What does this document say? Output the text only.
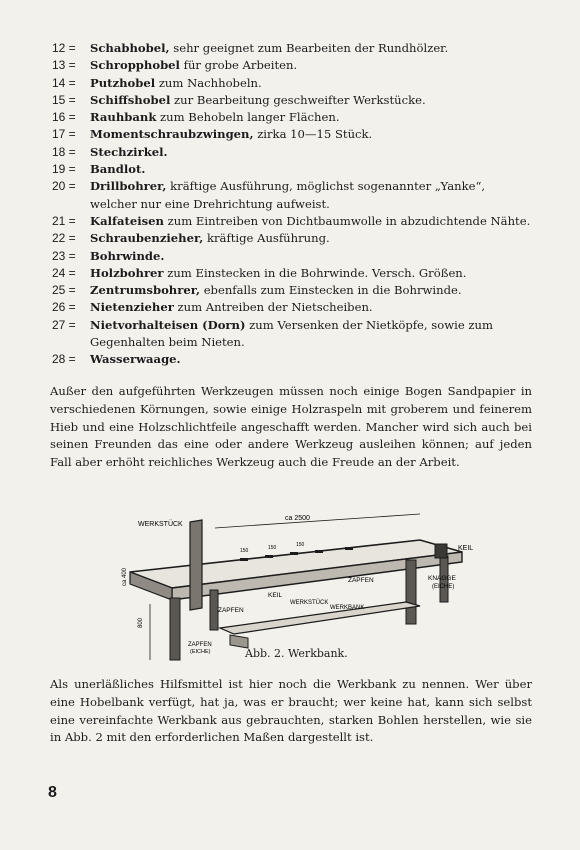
12 =	Schabhobel, sehr geeignet zum Bearbeiten der Rundhölzer.
13 =	Schropphobel für grobe Arbeiten.
14 =	Putzhobel zum Nachhobeln.
15 =	Schiffshobel zur Bearbeitung geschweifter Werkstücke.
16 =	Rauhbank zum Behobeln langer Flächen.
17 =	Momentschraubzwingen, zirka 10—15 Stück.
18 =	Stechzirkel.
19 =	Bandlot.
20 =	Drillbohrer, kräftige Ausführung, möglichst sogenannter „Yanke“, welcher nur eine Drehrichtung aufweist.
21 =	Kalfateisen zum Eintreiben von Dichtbaumwolle in abzudichtende Nähte.
22 =	Schraubenzieher, kräftige Ausführung.
23 =	Bohrwinde.
24 =	Holzbohrer zum Einstecken in die Bohrwinde. Versch. Größen.
25 =	Zentrumsbohrer, ebenfalls zum Einstecken in die Bohrwinde.
26 =	Nietenzieher zum Antreiben der Nietscheiben.
27 =	Nietvorhalteisen (Dorn) zum Versenken der Nietköpfe, sowie zum Gegenhalten beim Nieten.
28 =	Wasserwaage.

Außer den aufgeführten Werkzeugen müssen noch einige Bogen Sandpapier in verschiedenen Körnungen, sowie einige Holzraspeln mit groberem und feinerem Hieb und eine Holzschlichtfeile angeschafft werden. Mancher wird sich auch bei seinen Freunden das eine oder andere Werkzeug ausleihen können; auf jeden Fall aber erhöht reichliches Werkzeug auch die Freude an der Arbeit.

WERKSTÜCK
ca 2500
KEIL
KNAGGE
(EICHE)
KEIL
ZAPFEN
ZAPFEN
WERKSTÜCK
WERKBANK
ZAPFEN
(EICHE)
800
ca 400
150	150	150
Abb. 2. Werkbank.

Als unerläßliches Hilfsmittel ist hier noch die Werkbank zu nennen. Wer über eine Hobelbank verfügt, hat ja, was er braucht; wer keine hat, kann sich selbst eine vereinfachte Werkbank aus gebrauchten, starken Bohlen herstellen, wie sie in Abb. 2 mit den erforderlichen Maßen dargestellt ist.

8
